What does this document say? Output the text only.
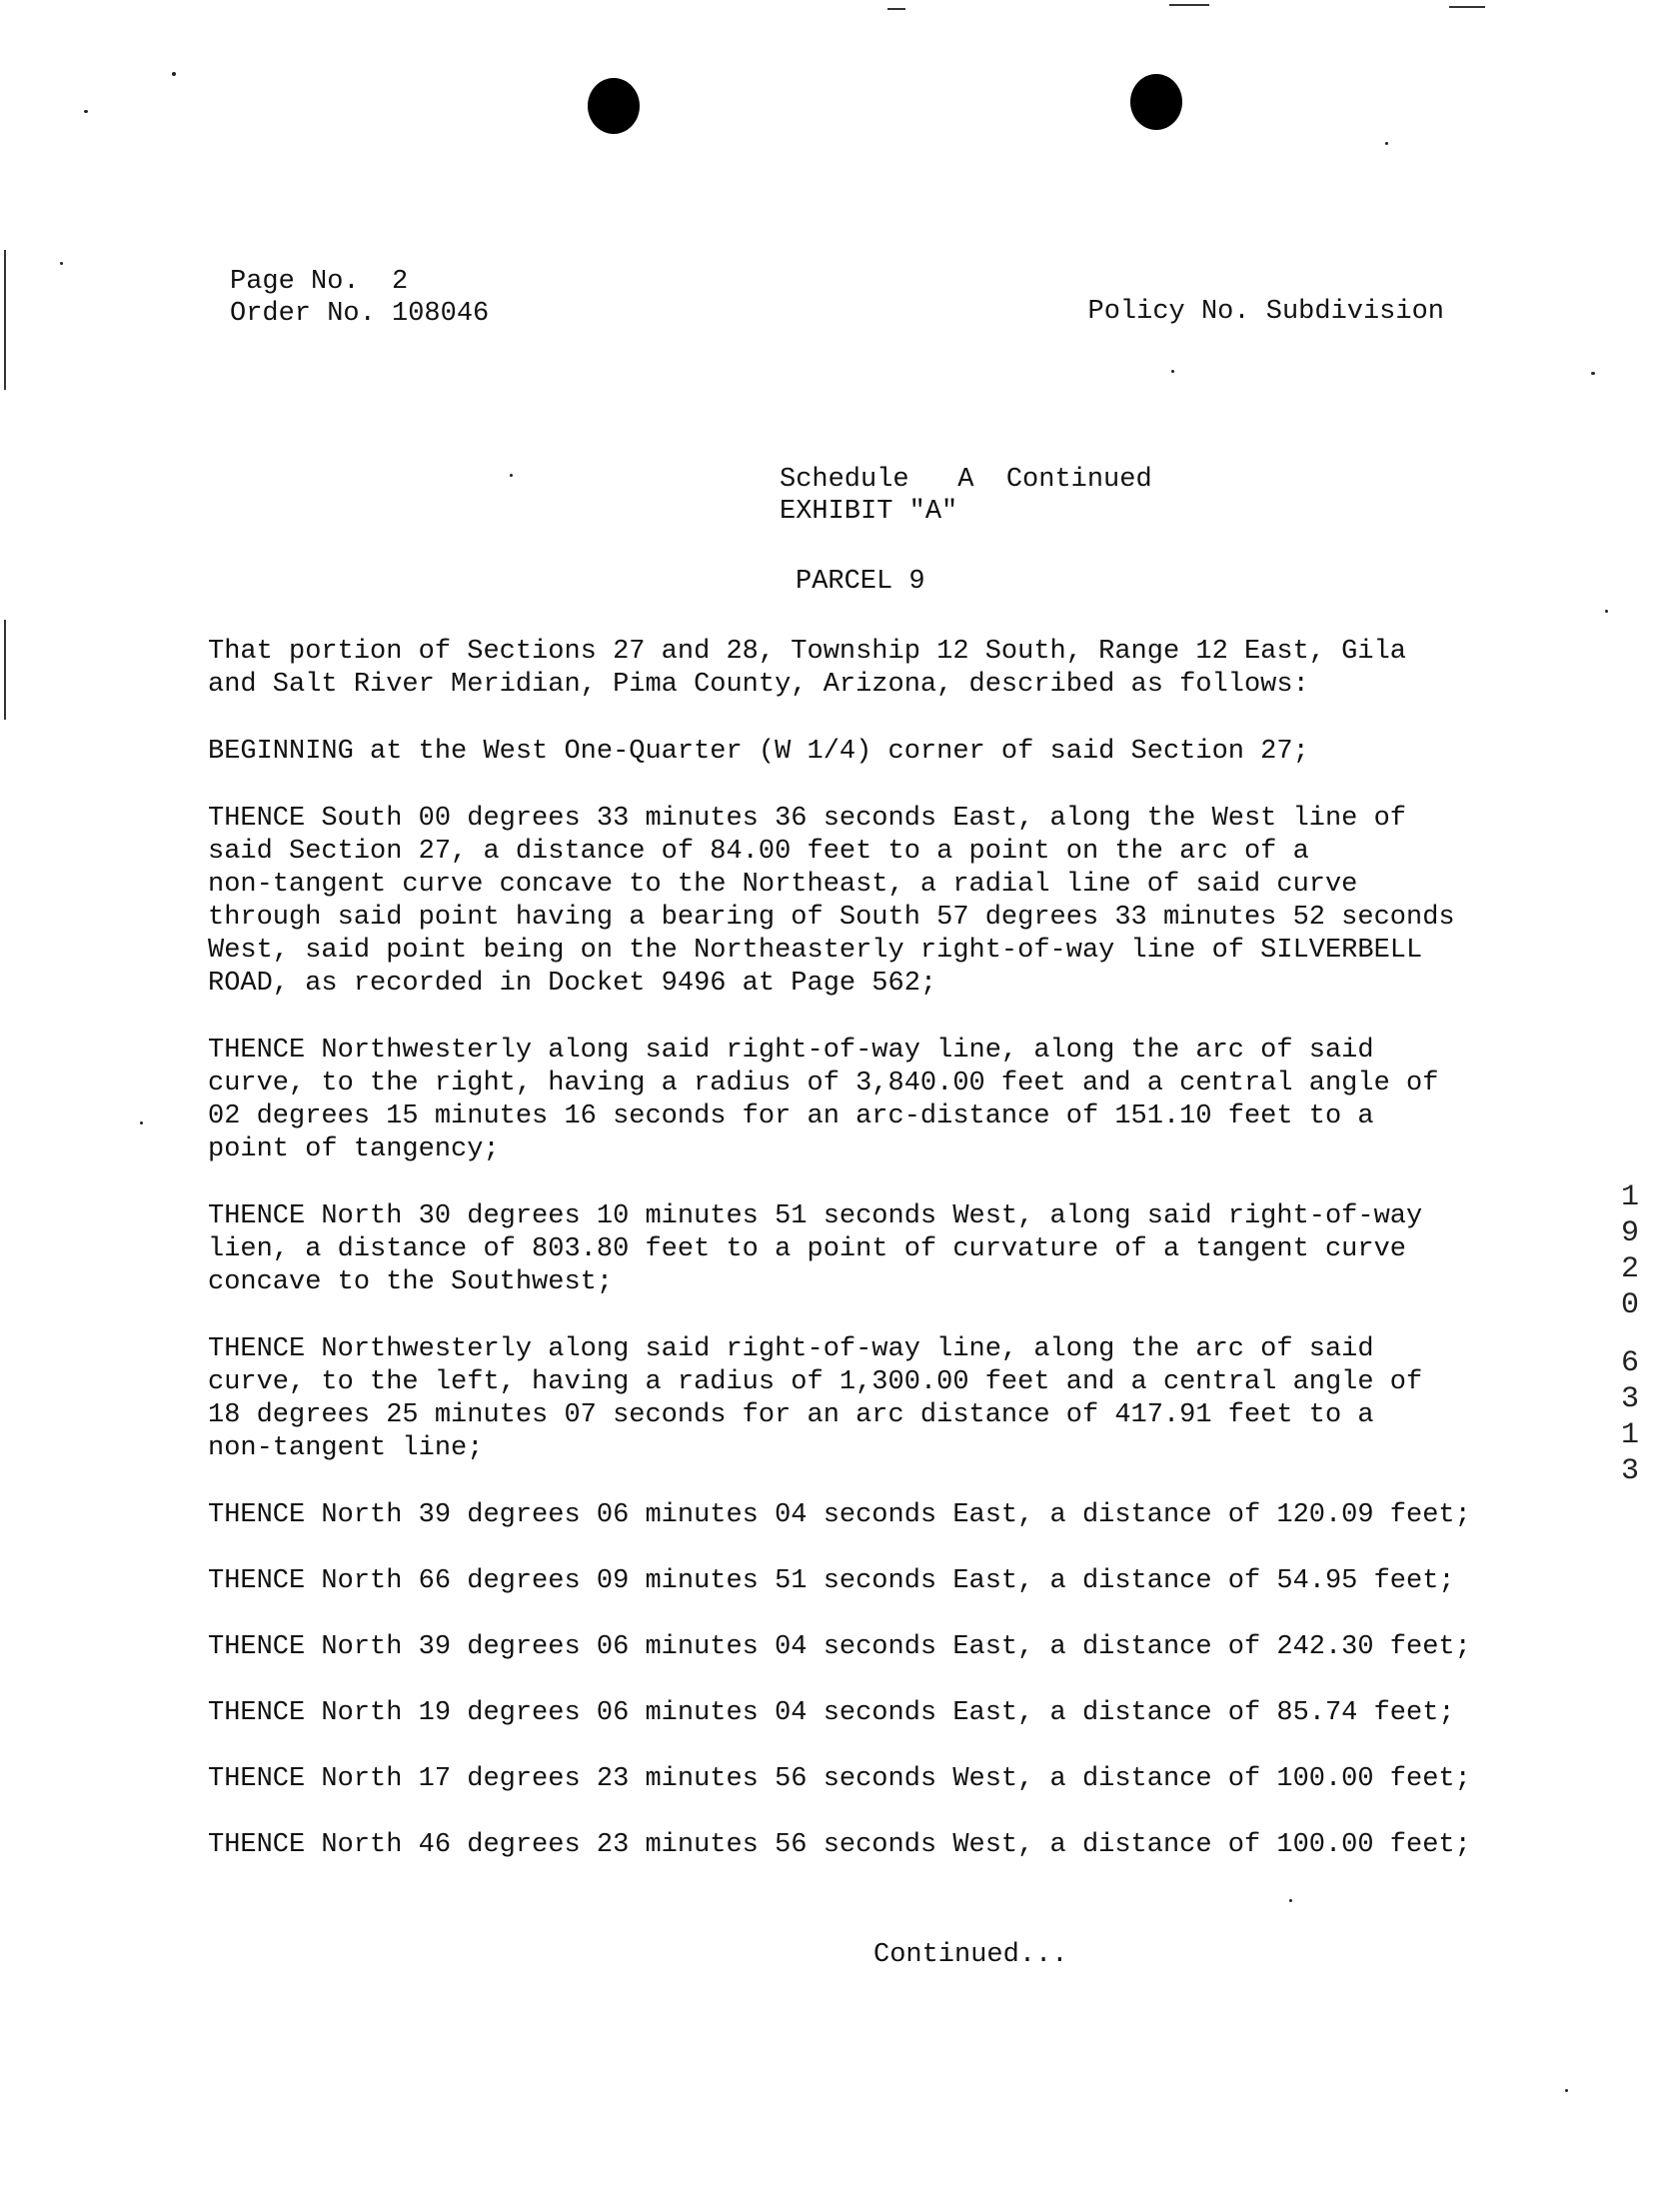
Page No. 2
Order No. 108046	Policy No. Subdivision
Schedule   A  Continued
EXHIBIT "A"
PARCEL 9

That portion of Sections 27 and 28, Township 12 South, Range 12 East, Gila
and Salt River Meridian, Pima County, Arizona, described as follows:

BEGINNING at the West One-Quarter (W 1/4) corner of said Section 27;

THENCE South 00 degrees 33 minutes 36 seconds East, along the West line of
said Section 27, a distance of 84.00 feet to a point on the arc of a
non-tangent curve concave to the Northeast, a radial line of said curve
through said point having a bearing of South 57 degrees 33 minutes 52 seconds
West, said point being on the Northeasterly right-of-way line of SILVERBELL
ROAD, as recorded in Docket 9496 at Page 562;

THENCE Northwesterly along said right-of-way line, along the arc of said
curve, to the right, having a radius of 3,840.00 feet and a central angle of
02 degrees 15 minutes 16 seconds for an arc-distance of 151.10 feet to a
point of tangency;

THENCE North 30 degrees 10 minutes 51 seconds West, along said right-of-way
lien, a distance of 803.80 feet to a point of curvature of a tangent curve
concave to the Southwest;

THENCE Northwesterly along said right-of-way line, along the arc of said
curve, to the left, having a radius of 1,300.00 feet and a central angle of
18 degrees 25 minutes 07 seconds for an arc distance of 417.91 feet to a
non-tangent line;

THENCE North 39 degrees 06 minutes 04 seconds East, a distance of 120.09 feet;

THENCE North 66 degrees 09 minutes 51 seconds East, a distance of 54.95 feet;

THENCE North 39 degrees 06 minutes 04 seconds East, a distance of 242.30 feet;

THENCE North 19 degrees 06 minutes 04 seconds East, a distance of 85.74 feet;

THENCE North 17 degrees 23 minutes 56 seconds West, a distance of 100.00 feet;

THENCE North 46 degrees 23 minutes 56 seconds West, a distance of 100.00 feet;

Continued...
1
9
2
0
6
3
1
3
